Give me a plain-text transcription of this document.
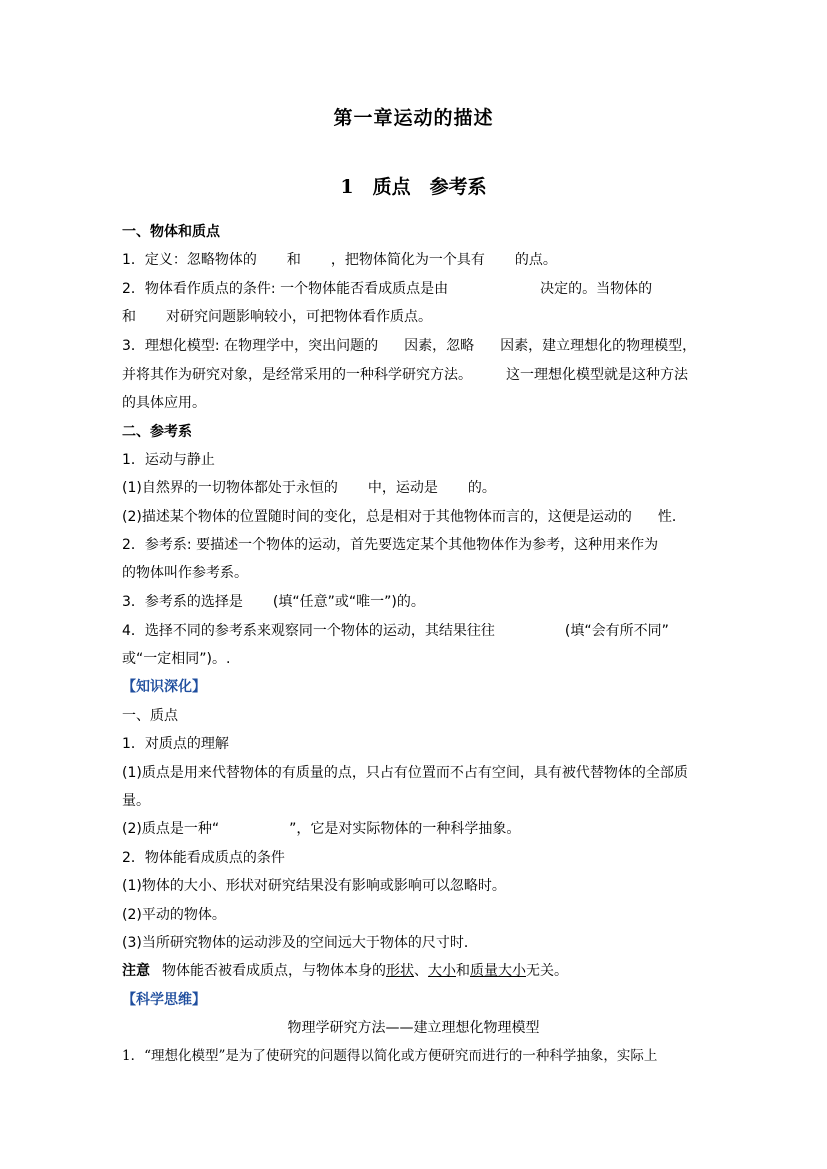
第一章运动的描述
1　质点　参考系
一、物体和质点
1．定义：忽略物体的 和 ，把物体简化为一个具有 的点。
2．物体看作质点的条件: 一个物体能否看成质点是由	决定的。当物体的
和 对研究问题影响较小，可把物体看作质点。
3．理想化模型: 在物理学中，突出问题的 因素，忽略 因素，建立理想化的物理模型，
并将其作为研究对象，是经常采用的一种科学研究方法。 这一理想化模型就是这种方法
的具体应用。
二、参考系
1．运动与静止
(1)自然界的一切物体都处于永恒的 中，运动是 的。
(2)描述某个物体的位置随时间的变化，总是相对于其他物体而言的，这便是运动的 性．
2．参考系: 要描述一个物体的运动，首先要选定某个其他物体作为参考，这种用来作为
的物体叫作参考系。
3．参考系的选择是 (填“任意”或“唯一”)的。
4．选择不同的参考系来观察同一个物体的运动，其结果往往	(填“会有所不同”
或“一定相同”)。.
【知识深化】
一、质点
1．对质点的理解
(1)质点是用来代替物体的有质量的点，只占有位置而不占有空间，具有被代替物体的全部质
量。
(2)质点是一种“	”，它是对实际物体的一种科学抽象。
2．物体能看成质点的条件
(1)物体的大小、形状对研究结果没有影响或影响可以忽略时。
(2)平动的物体。
(3)当所研究物体的运动涉及的空间远大于物体的尺寸时．
注意 物体能否被看成质点，与物体本身的形状、大小和质量大小无关。
【科学思维】
物理学研究方法——建立理想化物理模型
1．“理想化模型”是为了使研究的问题得以简化或方便研究而进行的一种科学抽象，实际上
